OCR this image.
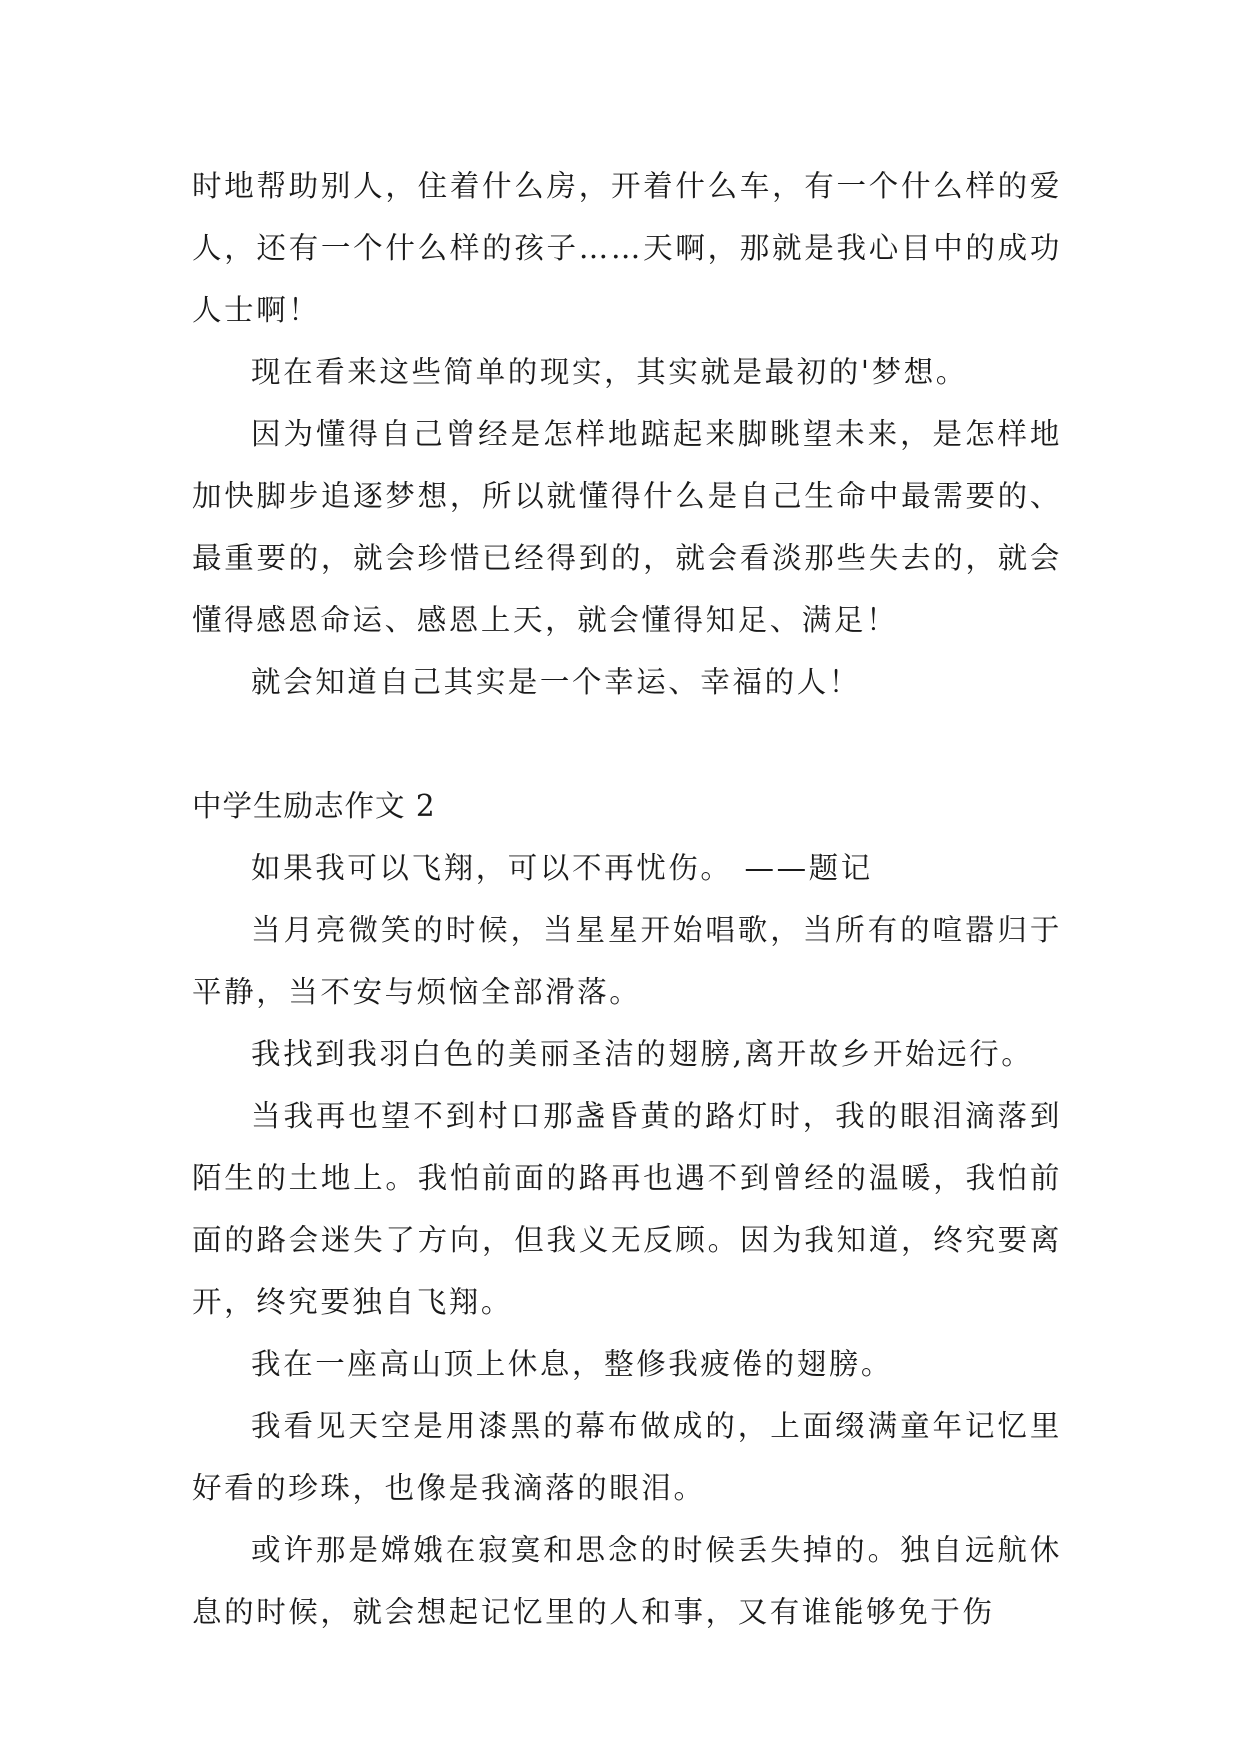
时地帮助别人，住着什么房，开着什么车，有一个什么样的爱人，还有一个什么样的孩子……天啊，那就是我心目中的成功人士啊！

现在看来这些简单的现实，其实就是最初的'梦想。

因为懂得自己曾经是怎样地踮起来脚眺望未来，是怎样地加快脚步追逐梦想，所以就懂得什么是自己生命中最需要的、最重要的，就会珍惜已经得到的，就会看淡那些失去的，就会懂得感恩命运、感恩上天，就会懂得知足、满足！

就会知道自己其实是一个幸运、幸福的人！

中学生励志作文 2

如果我可以飞翔，可以不再忧伤。 ——题记

当月亮微笑的时候，当星星开始唱歌，当所有的喧嚣归于平静，当不安与烦恼全部滑落。

我找到我羽白色的美丽圣洁的翅膀,离开故乡开始远行。

当我再也望不到村口那盏昏黄的路灯时，我的眼泪滴落到陌生的土地上。我怕前面的路再也遇不到曾经的温暖，我怕前面的路会迷失了方向，但我义无反顾。因为我知道，终究要离开，终究要独自飞翔。

我在一座高山顶上休息，整修我疲倦的翅膀。

我看见天空是用漆黑的幕布做成的，上面缀满童年记忆里好看的珍珠，也像是我滴落的眼泪。

或许那是嫦娥在寂寞和思念的时候丢失掉的。独自远航休息的时候，就会想起记忆里的人和事，又有谁能够免于伤
